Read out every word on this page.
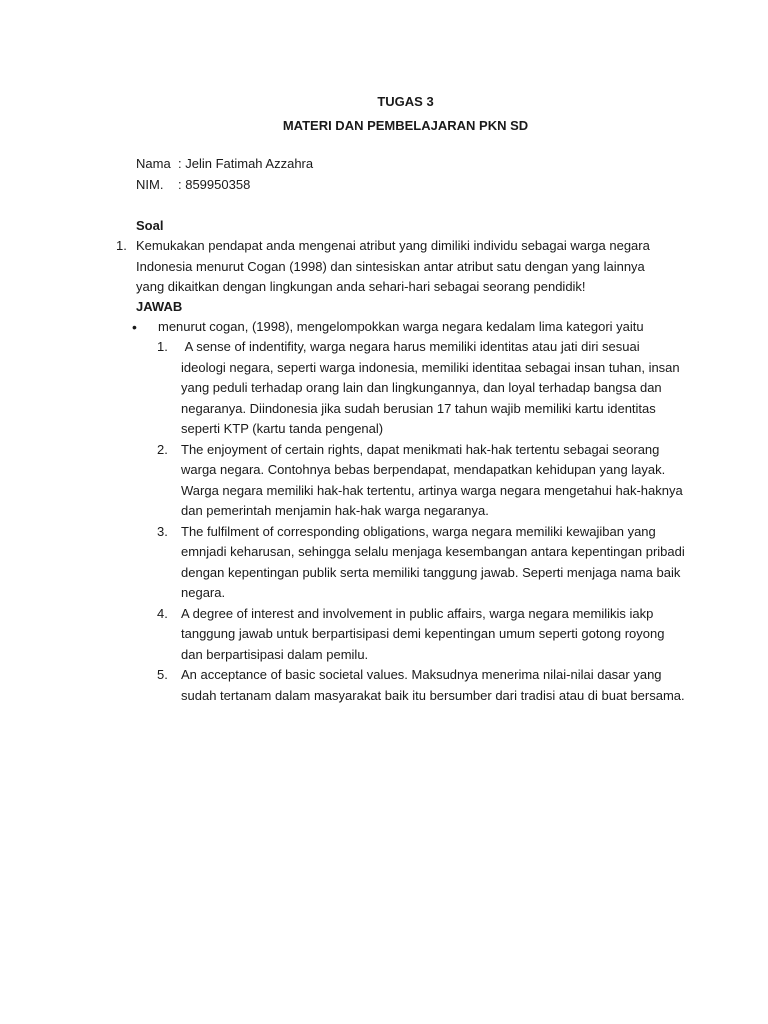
TUGAS 3
MATERI DAN PEMBELAJARAN PKN SD
Nama : Jelin Fatimah Azzahra
NIM.	: 859950358
Soal
1. Kemukakan pendapat anda mengenai atribut yang dimiliki individu sebagai warga negara Indonesia menurut Cogan (1998) dan sintesiskan antar atribut satu dengan yang lainnya yang dikaitkan dengan lingkungan anda sehari-hari sebagai seorang pendidik!
JAWAB
• menurut cogan, (1998), mengelompokkan warga negara kedalam lima kategori yaitu
1. A sense of indentifity, warga negara harus memiliki identitas atau jati diri sesuai ideologi negara, seperti warga indonesia, memiliki identitaa sebagai insan tuhan, insan yang peduli terhadap orang lain dan lingkungannya, dan loyal terhadap bangsa dan negaranya. Diindonesia jika sudah berusian 17 tahun wajib memiliki kartu identitas seperti KTP (kartu tanda pengenal)
2. The enjoyment of certain rights, dapat menikmati hak-hak tertentu sebagai seorang warga negara. Contohnya bebas berpendapat, mendapatkan kehidupan yang layak. Warga negara memiliki hak-hak tertentu, artinya warga negara mengetahui hak-haknya dan pemerintah menjamin hak-hak warga negaranya.
3. The fulfilment of corresponding obligations, warga negara memiliki kewajiban yang emnjadi keharusan, sehingga selalu menjaga kesembangan antara kepentingan pribadi dengan kepentingan publik serta memiliki tanggung jawab. Seperti menjaga nama baik negara.
4. A degree of interest and involvement in public affairs, warga negara memilikis iakp tanggung jawab untuk berpartisipasi demi kepentingan umum seperti gotong royong dan berpartisipasi dalam pemilu.
5. An acceptance of basic societal values. Maksudnya menerima nilai-nilai dasar yang sudah tertanam dalam masyarakat baik itu bersumber dari tradisi atau di buat bersama.
